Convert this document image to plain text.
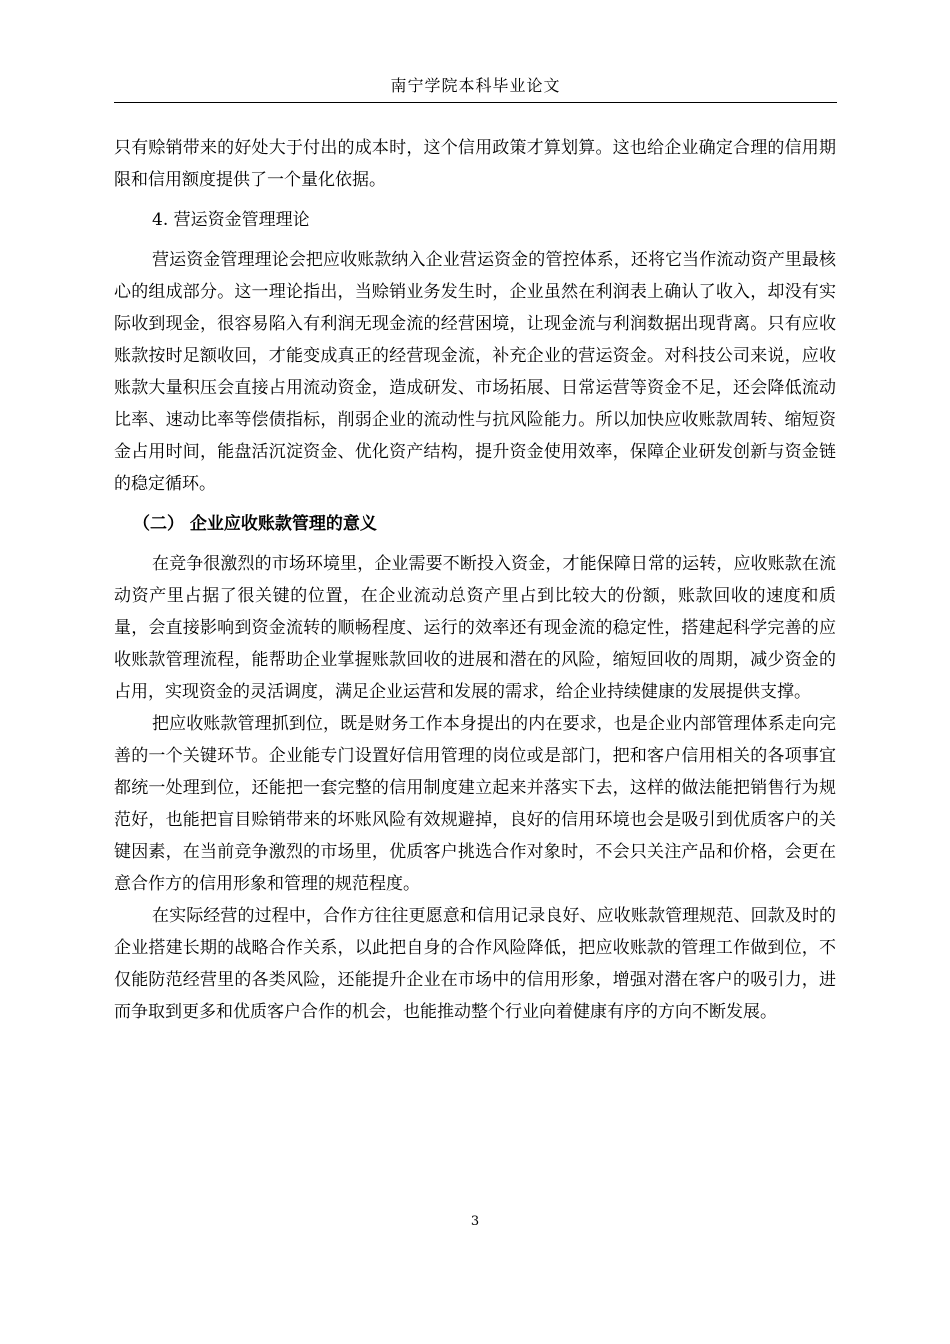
南宁学院本科毕业论文

只有赊销带来的好处大于付出的成本时，这个信用政策才算划算。这也给企业确定合理的信用期限和信用额度提供了一个量化依据。

4. 营运资金管理理论

营运资金管理理论会把应收账款纳入企业营运资金的管控体系，还将它当作流动资产里最核心的组成部分。这一理论指出，当赊销业务发生时，企业虽然在利润表上确认了收入，却没有实际收到现金，很容易陷入有利润无现金流的经营困境，让现金流与利润数据出现背离。只有应收账款按时足额收回，才能变成真正的经营现金流，补充企业的营运资金。对科技公司来说，应收账款大量积压会直接占用流动资金，造成研发、市场拓展、日常运营等资金不足，还会降低流动比率、速动比率等偿债指标，削弱企业的流动性与抗风险能力。所以加快应收账款周转、缩短资金占用时间，能盘活沉淀资金、优化资产结构，提升资金使用效率，保障企业研发创新与资金链的稳定循环。

（二） 企业应收账款管理的意义

在竞争很激烈的市场环境里，企业需要不断投入资金，才能保障日常的运转，应收账款在流动资产里占据了很关键的位置，在企业流动总资产里占到比较大的份额，账款回收的速度和质量，会直接影响到资金流转的顺畅程度、运行的效率还有现金流的稳定性，搭建起科学完善的应收账款管理流程，能帮助企业掌握账款回收的进展和潜在的风险，缩短回收的周期，减少资金的占用，实现资金的灵活调度，满足企业运营和发展的需求，给企业持续健康的发展提供支撑。

把应收账款管理抓到位，既是财务工作本身提出的内在要求，也是企业内部管理体系走向完善的一个关键环节。企业能专门设置好信用管理的岗位或是部门，把和客户信用相关的各项事宜都统一处理到位，还能把一套完整的信用制度建立起来并落实下去，这样的做法能把销售行为规范好，也能把盲目赊销带来的坏账风险有效规避掉，良好的信用环境也会是吸引到优质客户的关键因素，在当前竞争激烈的市场里，优质客户挑选合作对象时，不会只关注产品和价格，会更在意合作方的信用形象和管理的规范程度。

在实际经营的过程中，合作方往往更愿意和信用记录良好、应收账款管理规范、回款及时的企业搭建长期的战略合作关系，以此把自身的合作风险降低，把应收账款的管理工作做到位，不仅能防范经营里的各类风险，还能提升企业在市场中的信用形象，增强对潜在客户的吸引力，进而争取到更多和优质客户合作的机会，也能推动整个行业向着健康有序的方向不断发展。

3
